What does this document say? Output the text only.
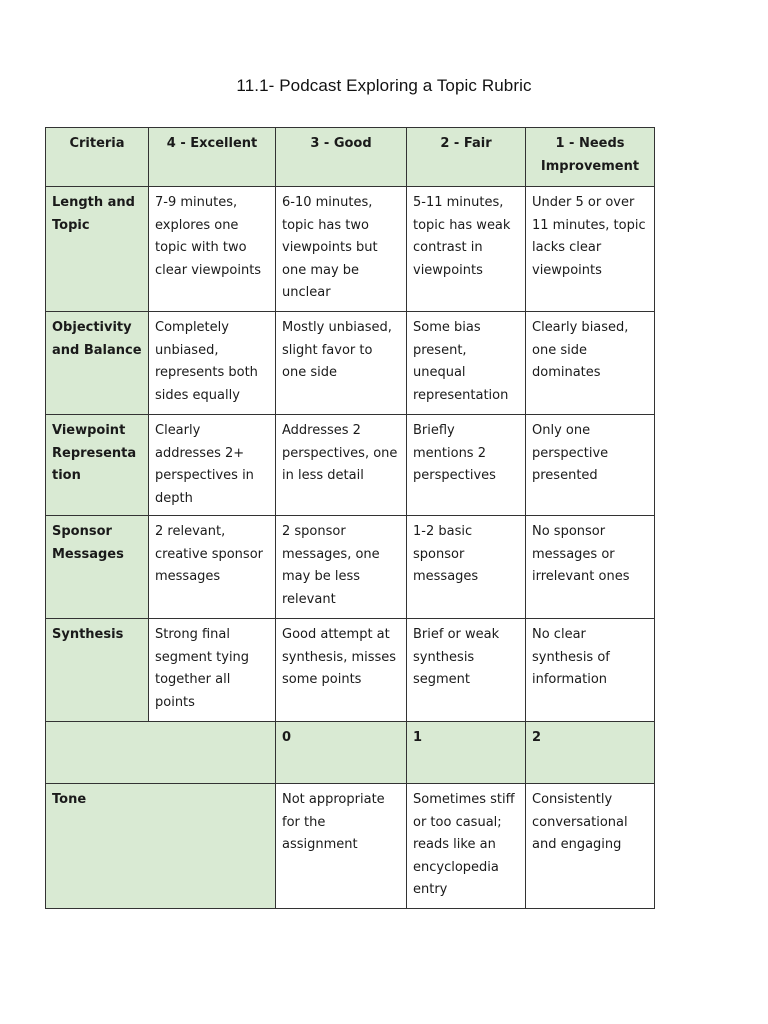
11.1- Podcast Exploring a Topic Rubric
Criteria	4 - Excellent	3 - Good	2 - Fair	1 - Needs Improvement
Length and Topic	7-9 minutes, explores one topic with two clear viewpoints	6-10 minutes, topic has two viewpoints but one may be unclear	5-11 minutes, topic has weak contrast in viewpoints	Under 5 or over 11 minutes, topic lacks clear viewpoints
Objectivity and Balance	Completely unbiased, represents both sides equally	Mostly unbiased, slight favor to one side	Some bias present, unequal representation	Clearly biased, one side dominates
Viewpoint Representation	Clearly addresses 2+ perspectives in depth	Addresses 2 perspectives, one in less detail	Briefly mentions 2 perspectives	Only one perspective presented
Sponsor Messages	2 relevant, creative sponsor messages	2 sponsor messages, one may be less relevant	1-2 basic sponsor messages	No sponsor messages or irrelevant ones
Synthesis	Strong final segment tying together all points	Good attempt at synthesis, misses some points	Brief or weak synthesis segment	No clear synthesis of information
		0	1	2
Tone		Not appropriate for the assignment	Sometimes stiff or too casual; reads like an encyclopedia entry	Consistently conversational and engaging
